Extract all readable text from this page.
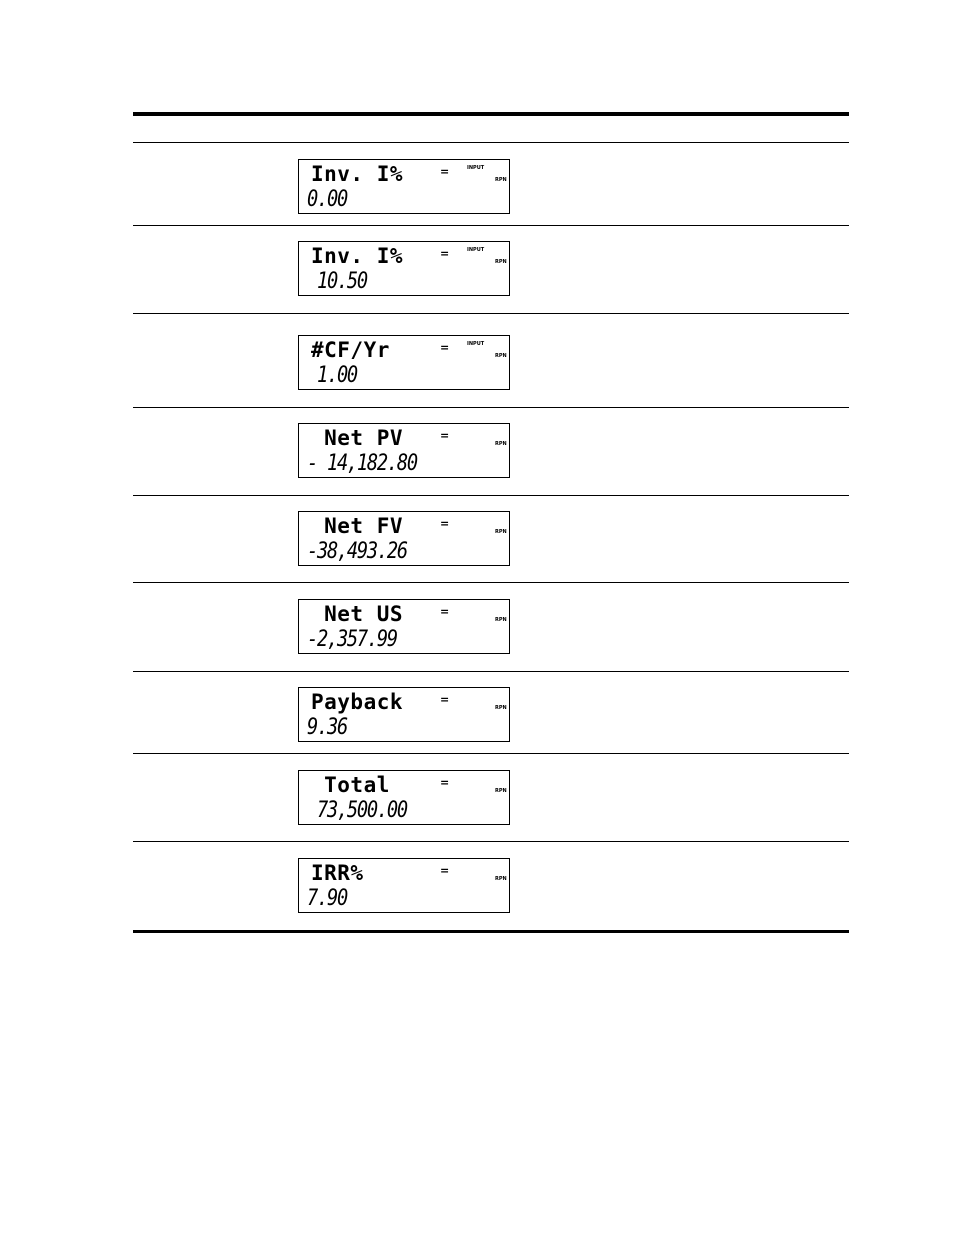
Inv. I%	=	INPUT
RPN
0.00
Inv. I%	=	INPUT
RPN
10.50
#CF/Yr	=	INPUT
RPN
1.00
Net PV	=
RPN
- 14,182.80
Net FV	=
RPN
-38,493.26
Net US	=
RPN
-2,357.99
Payback	=
RPN
9.36
Total	=
RPN
73,500.00
IRR%	=
RPN
7.90
